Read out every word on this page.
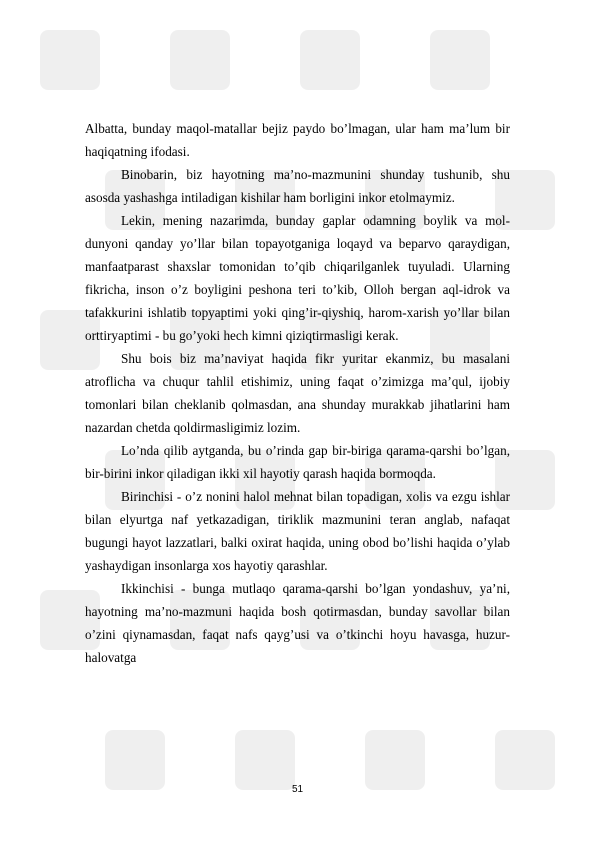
Albatta, bunday maqol-matallar bejiz paydo bo’lmagan, ular ham ma’lum bir haqiqatning ifodasi.

Binobarin, biz hayotning ma’no-mazmunini shunday tushunib, shu asosda yashashga intiladigan kishilar ham borligini inkor etolmaymiz.

Lekin, mening nazarimda, bunday gaplar odamning boylik va mol-dunyoni qanday yo’llar bilan topayotganiga loqayd va beparvo qaraydigan, manfaatparast shaxslar tomonidan to’qib chiqarilganlek tuyuladi. Ularning fikricha, inson o’z boyligini peshona teri to’kib, Olloh bergan aql-idrok va tafakkurini ishlatib topyaptimi yoki qing’ir-qiyshiq, harom-xarish yo’llar bilan orttiryaptimi - bu go’yoki hech kimni qiziqtirmasligi kerak.

Shu bois biz ma’naviyat haqida fikr yuritar ekanmiz, bu masalani atroflicha va chuqur tahlil etishimiz, uning faqat o’zimizga ma’qul, ijobiy tomonlari bilan cheklanib qolmasdan, ana shunday murakkab jihatlarini ham nazardan chetda qoldirmasligimiz lozim.

Lo’nda qilib aytganda, bu o’rinda gap bir-biriga qarama-qarshi bo’lgan, bir-birini inkor qiladigan ikki xil hayotiy qarash haqida bormoqda.

Birinchisi - o’z nonini halol mehnat bilan topadigan, xolis va ezgu ishlar bilan elyurtga naf yetkazadigan, tiriklik mazmunini teran anglab, nafaqat bugungi hayot lazzatlari, balki oxirat haqida, uning obod bo’lishi haqida o’ylab yashaydigan insonlarga xos hayotiy qarashlar.

Ikkinchisi - bunga mutlaqo qarama-qarshi bo’lgan yondashuv, ya’ni, hayotning ma’no-mazmuni haqida bosh qotirmasdan, bunday savollar bilan o’zini qiynamasdan, faqat nafs qayg’usi va o’tkinchi hoyu havasga, huzur-halovatga

51
